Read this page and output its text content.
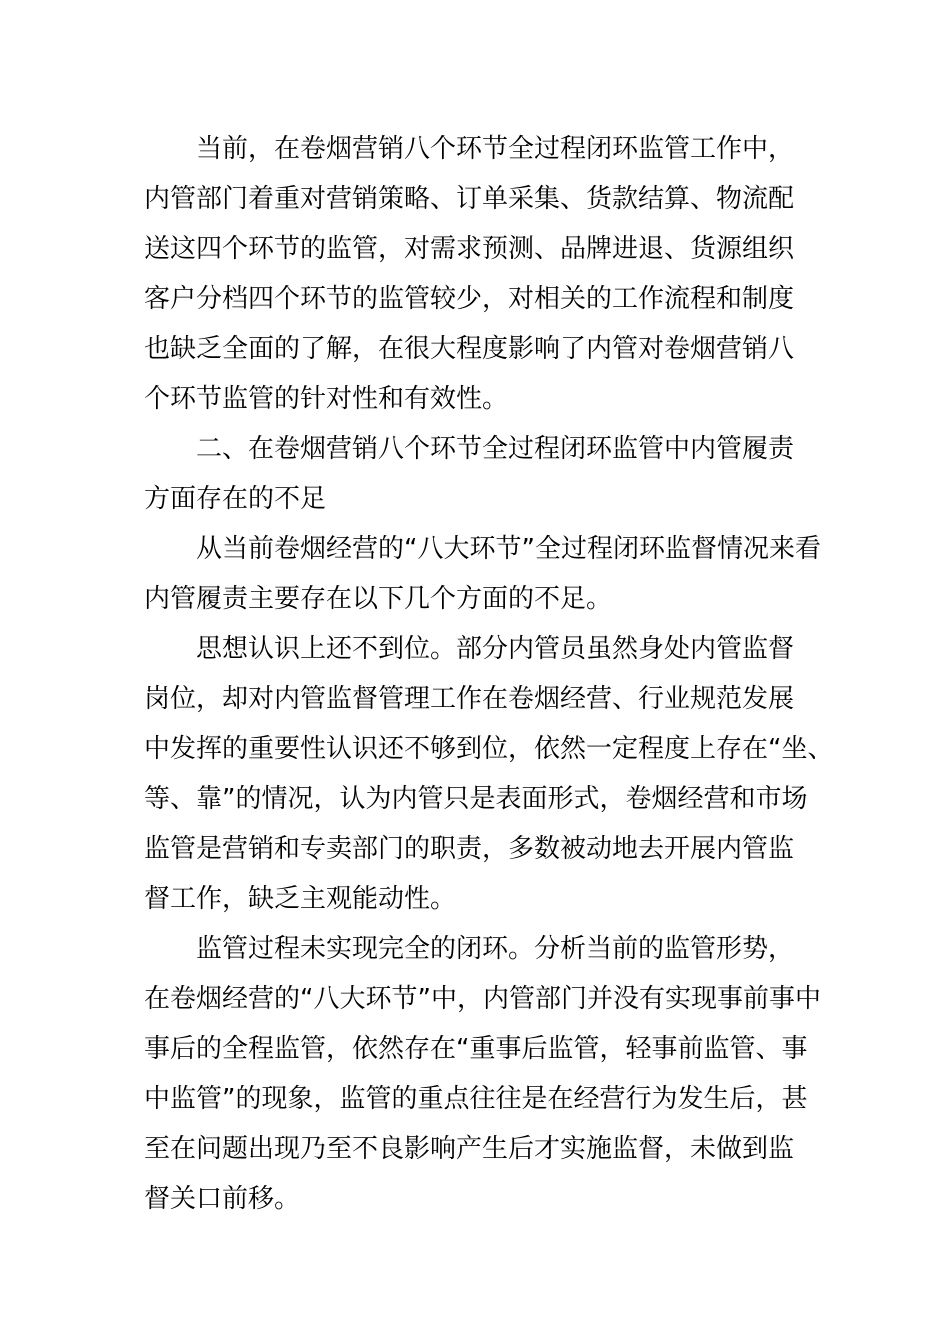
当前，在卷烟营销八个环节全过程闭环监管工作中，
内管部门着重对营销策略、订单采集、货款结算、物流配
送这四个环节的监管，对需求预测、品牌进退、货源组织
客户分档四个环节的监管较少，对相关的工作流程和制度
也缺乏全面的了解，在很大程度影响了内管对卷烟营销八
个环节监管的针对性和有效性。
二、在卷烟营销八个环节全过程闭环监管中内管履责
方面存在的不足
从当前卷烟经营的“八大环节”全过程闭环监督情况来看
内管履责主要存在以下几个方面的不足。
思想认识上还不到位。部分内管员虽然身处内管监督
岗位，却对内管监督管理工作在卷烟经营、行业规范发展
中发挥的重要性认识还不够到位，依然一定程度上存在“坐、
等、靠”的情况，认为内管只是表面形式，卷烟经营和市场
监管是营销和专卖部门的职责，多数被动地去开展内管监
督工作，缺乏主观能动性。
监管过程未实现完全的闭环。分析当前的监管形势，
在卷烟经营的“八大环节”中，内管部门并没有实现事前事中
事后的全程监管，依然存在“重事后监管，轻事前监管、事
中监管”的现象，监管的重点往往是在经营行为发生后，甚
至在问题出现乃至不良影响产生后才实施监督，未做到监
督关口前移。
